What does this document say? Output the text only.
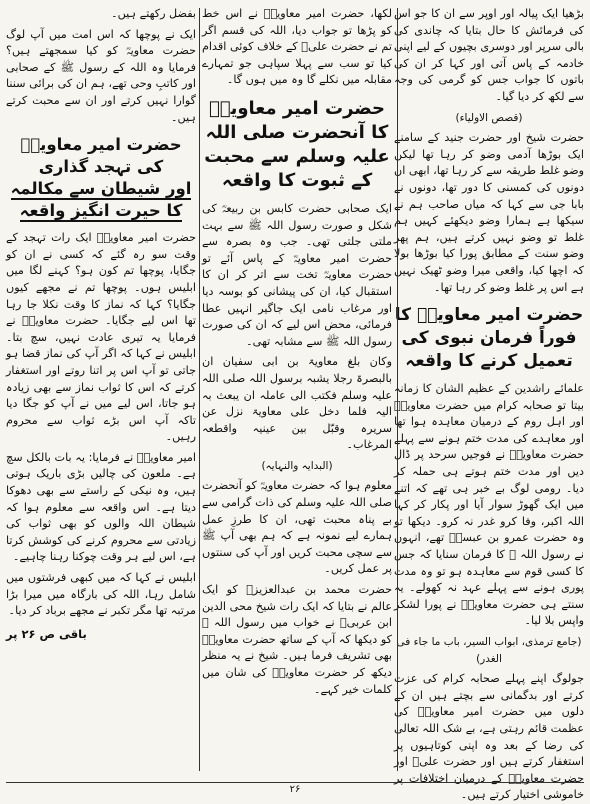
بڑھیا ایک پیالہ اور اوپر سے ان کا جو اس کی فرمائش کا حال بتایا کہ چاندی کی بالی سرپر اور دوسری بچیوں کے لیے اپنی خادمہ کے پاس آتی اور کہا کر ان کی باتوں کا جواب جس کو گرمی کی وجہ سے لکھ کر دیا گیا۔

(قصص الاولیاء)

حضرت شیخ اور حضرت جنید کے سامنے ایک بوڑھا آدمی وضو کر رہا تھا لیکن وضو غلط طریقہ سے کر رہا تھا، ابھی ان دونوں کی کمسنی کا دور تھا، دونوں نے بابا جی سے کہا کہ میاں صاحب ہم نے سیکھا ہے ہمارا وضو دیکھئے کہیں ہم غلط تو وضو نہیں کرتے ہیں، ہم پھر وضو سنت کے مطابق پورا کیا بوڑھا بولا کہ اچھا کیا، واقعی میرا وضو ٹھیک نہیں ہے اس پر غلط وضو کر رہا تھا۔

حضرت امیر معاویہؓ کا فوراً فرمان نبوی کی تعمیل کرنے کا واقعہ

علمائے راشدین کے عظیم الشان کا زمانہ بیتا تو صحابہ کرام میں حضرت معاویہؓ اور اہل روم کے درمیان معاہدہ ہوا تھا اور معاہدے کی مدت ختم ہونے سے پہلے حضرت معاویہؓ نے فوجیں سرحد پر ڈال دیں اور مدت ختم ہوتے ہی حملہ کر دیا۔ رومی لوگ بے خبر ہی تھے کہ اتنے میں ایک گھوڑ سوار آیا اور پکار کر کہا اللہ اکبر، وفا کرو غدر نہ کرو۔ دیکھا تو وہ حضرت عمرو بن عبسہؓ تھے، انہوں نے رسول اللہ ﷺ کا فرمان سنایا کہ جس کا کسی قوم سے معاہدہ ہو تو وہ مدت پوری ہونے سے پہلے عہد نہ کھولے۔ یہ سنتے ہی حضرت معاویہؓ نے پورا لشکر واپس بلا لیا۔

(جامع ترمذی، ابواب السیر، باب ما جاء فی الغدر)

جولوگ اپنے پہلے صحابہ کرام کی عزت کرتے اور بدگمانی سے بچتے ہیں ان کے دلوں میں حضرت امیر معاویہؓ کی عظمت قائم رہتی ہے، بے شک اللہ تعالیٰ کی رضا کے بعد وہ اپنی کوتاہیوں پر استغفار کرتے ہیں اور حضرت علیؓ اور حضرت معاویہؓ کے درمیان اختلافات پر خاموشی اختیار کرتے ہیں۔

لکھا، حضرت امیر معاویہؓ نے اس خط کو پڑھا تو جواب دیا، اللہ کی قسم اگر تم نے حضرت علیؓ کے خلاف کوئی اقدام کیا تو سب سے پہلا سپاہی جو تمہارے مقابلہ میں نکلے گا وہ میں ہوں گا۔

حضرت امیر معاویہؓ کا آنحضرت صلی اللہ علیہ وسلم سے محبت کے ثبوت کا واقعہ

ایک صحابی حضرت کابس بن ربیعہؓ کی شکل و صورت رسول اللہ ﷺ سے بہت ملتی جلتی تھی۔ جب وہ بصرہ سے حضرت امیر معاویہؓ کے پاس آئے تو حضرت معاویہؓ تخت سے اتر کر ان کا استقبال کیا، ان کی پیشانی کو بوسہ دیا اور مرغاب نامی ایک جاگیر انہیں عطا فرمائی، محض اس لیے کہ ان کی صورت رسول اللہ ﷺ سے مشابہ تھی۔

وکان بلغ معاویۃ بن ابی سفیان ان بالبصرۃ رجلا یشبہ برسول اللہ صلی اللہ علیہ وسلم فکتب الی عاملہ ان یبعث بہ الیہ فلما دخل علی معاویۃ نزل عن سریرہ وقبّل بین عینیہ واقطعہ المرغاب۔

(البدایہ والنہایہ)

معلوم ہوا کہ حضرت معاویہؓ کو آنحضرت صلی اللہ علیہ وسلم کی ذات گرامی سے بے پناہ محبت تھی، ان کا طرزِ عمل ہمارے لیے نمونہ ہے کہ ہم بھی آپ ﷺ سے سچی محبت کریں اور آپ کی سنتوں پر عمل کریں۔

حضرت محمد بن عبدالعزیزؒ کو ایک عالم نے بتایا کہ ایک رات شیخ محی الدین ابن عربیؒ نے خواب میں رسول اللہ ﷺ کو دیکھا کہ آپ کے ساتھ حضرت معاویہؓ بھی تشریف فرما ہیں۔ شیخ نے یہ منظر دیکھ کر حضرت معاویہؓ کی شان میں کلمات خیر کہے۔

بفضل رکھتے ہیں۔

ایک نے پوچھا کہ اس امت میں آپ لوگ حضرت معاویہؓ کو کیا سمجھتے ہیں؟ فرمایا وہ اللہ کے رسول ﷺ کے صحابی اور کاتبِ وحی تھے، ہم ان کی برائی سننا گوارا نہیں کرتے اور ان سے محبت کرتے ہیں۔

حضرت امیر معاویہؓ کی تہجد گذاری
اور شیطان سے مکالمہ کا حیرت انگیز واقعہ

حضرت امیر معاویہؓ ایک رات تہجد کے وقت سو رہ گئے کہ کسی نے ان کو جگایا، پوچھا تم کون ہو؟ کہنے لگا میں ابلیس ہوں۔ پوچھا تم نے مجھے کیوں جگایا؟ کہا کہ نماز کا وقت نکلا جا رہا تھا اس لیے جگایا۔ حضرت معاویہؓ نے فرمایا یہ تیری عادت نہیں، سچ بتا۔ ابلیس نے کہا کہ اگر آپ کی نماز قضا ہو جاتی تو آپ اس پر اتنا روتے اور استغفار کرتے کہ اس کا ثواب نماز سے بھی زیادہ ہو جاتا، اس لیے میں نے آپ کو جگا دیا تاکہ آپ اس بڑے ثواب سے محروم رہیں۔

امیر معاویہؓ نے فرمایا: یہ بات بالکل سچ ہے۔ ملعون کی چالیں بڑی باریک ہوتی ہیں، وہ نیکی کے راستے سے بھی دھوکا دیتا ہے۔ اس واقعہ سے معلوم ہوا کہ شیطان اللہ والوں کو بھی ثواب کی زیادتی سے محروم کرنے کی کوشش کرتا ہے، اس لیے ہر وقت چوکنا رہنا چاہیے۔

ابلیس نے کہا کہ میں کبھی فرشتوں میں شامل رہا، اللہ کی بارگاہ میں میرا بڑا مرتبہ تھا مگر تکبر نے مجھے برباد کر دیا۔

باقی ص ۲۶ پر

۲۶
